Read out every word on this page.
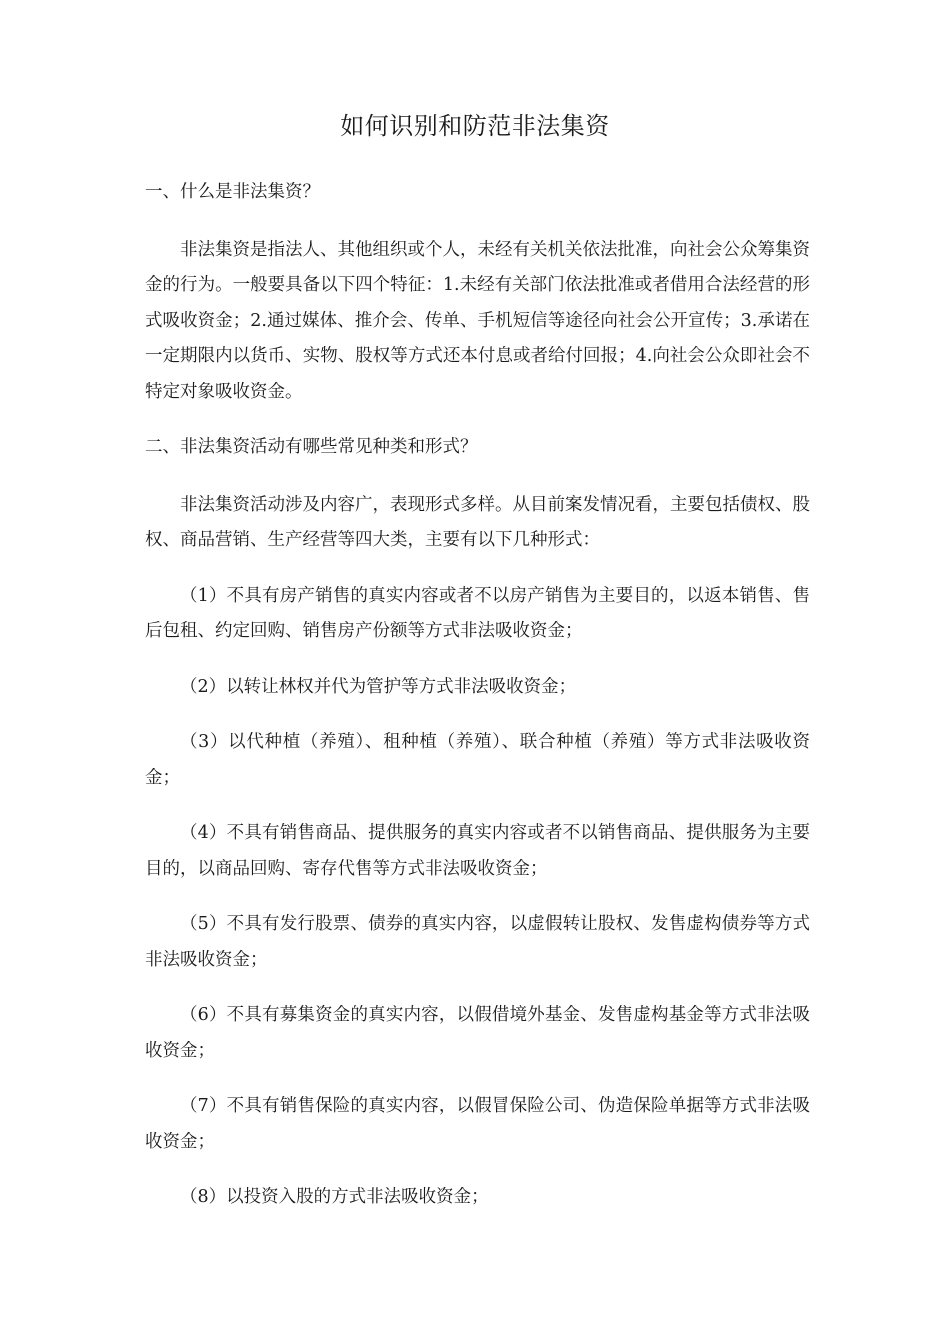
如何识别和防范非法集资

一、什么是非法集资？

非法集资是指法人、其他组织或个人，未经有关机关依法批准，向社会公众筹集资金的行为。一般要具备以下四个特征：1.未经有关部门依法批准或者借用合法经营的形式吸收资金；2.通过媒体、推介会、传单、手机短信等途径向社会公开宣传；3.承诺在一定期限内以货币、实物、股权等方式还本付息或者给付回报；4.向社会公众即社会不特定对象吸收资金。

二、非法集资活动有哪些常见种类和形式？

非法集资活动涉及内容广，表现形式多样。从目前案发情况看，主要包括债权、股权、商品营销、生产经营等四大类，主要有以下几种形式：

（1）不具有房产销售的真实内容或者不以房产销售为主要目的，以返本销售、售后包租、约定回购、销售房产份额等方式非法吸收资金；

（2）以转让林权并代为管护等方式非法吸收资金；

（3）以代种植（养殖）、租种植（养殖）、联合种植（养殖）等方式非法吸收资金；

（4）不具有销售商品、提供服务的真实内容或者不以销售商品、提供服务为主要目的，以商品回购、寄存代售等方式非法吸收资金；

（5）不具有发行股票、债券的真实内容，以虚假转让股权、发售虚构债券等方式非法吸收资金；

（6）不具有募集资金的真实内容，以假借境外基金、发售虚构基金等方式非法吸收资金；

（7）不具有销售保险的真实内容，以假冒保险公司、伪造保险单据等方式非法吸收资金；

（8）以投资入股的方式非法吸收资金；
